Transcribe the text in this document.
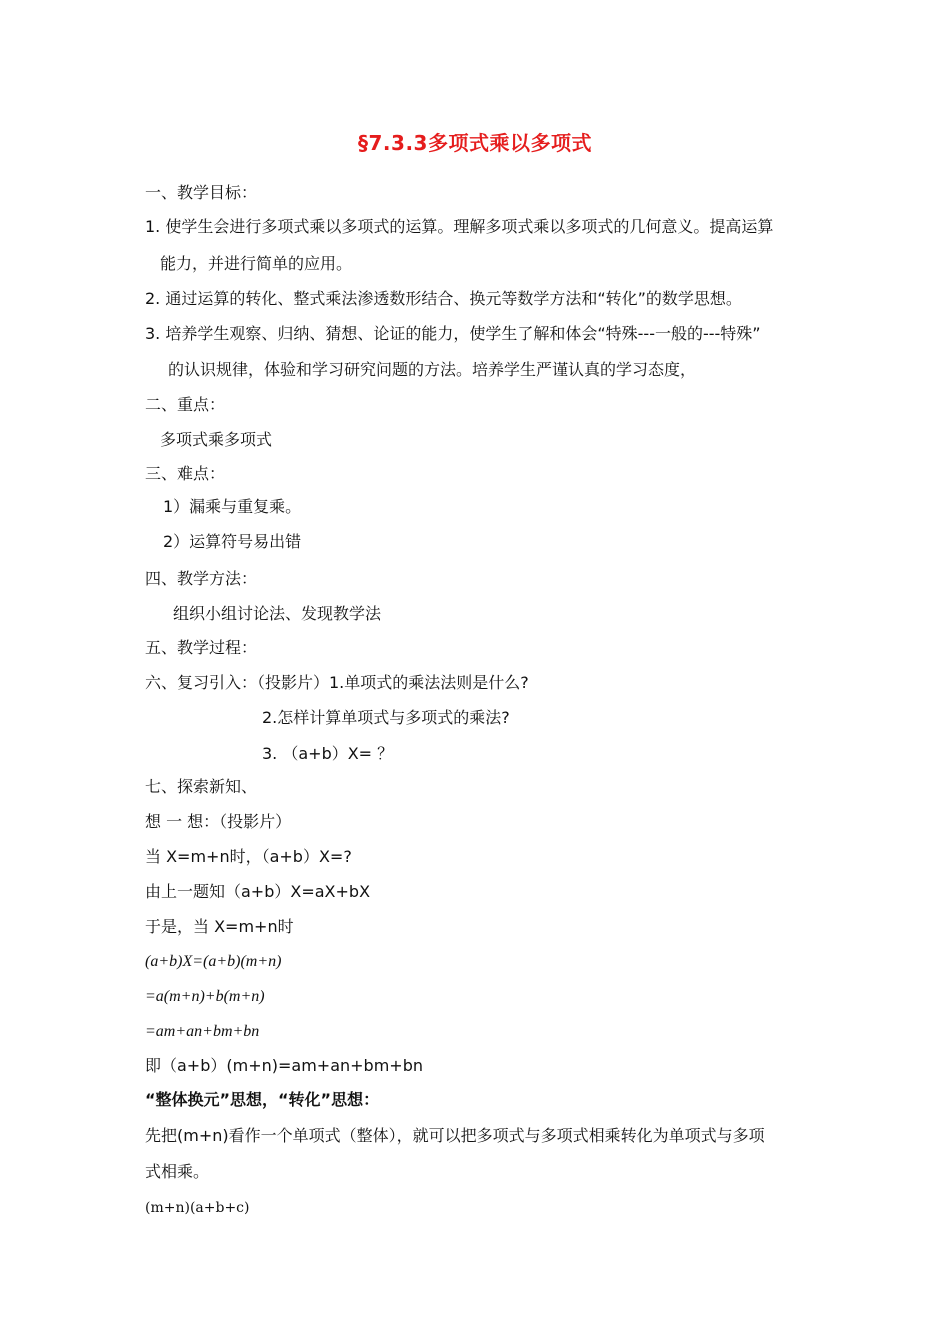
§7.3.3多项式乘以多项式
一、教学目标：
1. 使学生会进行多项式乘以多项式的运算。理解多项式乘以多项式的几何意义。提高运算
能力，并进行简单的应用。
2. 通过运算的转化、整式乘法渗透数形结合、换元等数学方法和“转化”的数学思想。
3. 培养学生观察、归纳、猜想、论证的能力，使学生了解和体会“特殊---一般的---特殊”
的认识规律，体验和学习研究问题的方法。培养学生严谨认真的学习态度，
二、重点：
多项式乘多项式
三、难点：
1）漏乘与重复乘。
2）运算符号易出错
四、教学方法：
组织小组讨论法、发现教学法
五、教学过程：
六、复习引入：（投影片）1.单项式的乘法法则是什么?
2.怎样计算单项式与多项式的乘法?
3. （a+b）X= ？
七、探索新知、
想 一 想：（投影片）
当 X=m+n时，（a+b）X=?
由上一题知（a+b）X=aX+bX
于是，当 X=m+n时
(a+b)X=(a+b)(m+n)
=a(m+n)+b(m+n)
=am+an+bm+bn
即（a+b）(m+n)=am+an+bm+bn
“整体换元”思想，“转化”思想：
先把(m+n)看作一个单项式（整体），就可以把多项式与多项式相乘转化为单项式与多项
式相乘。
(m+n)(a+b+c)
